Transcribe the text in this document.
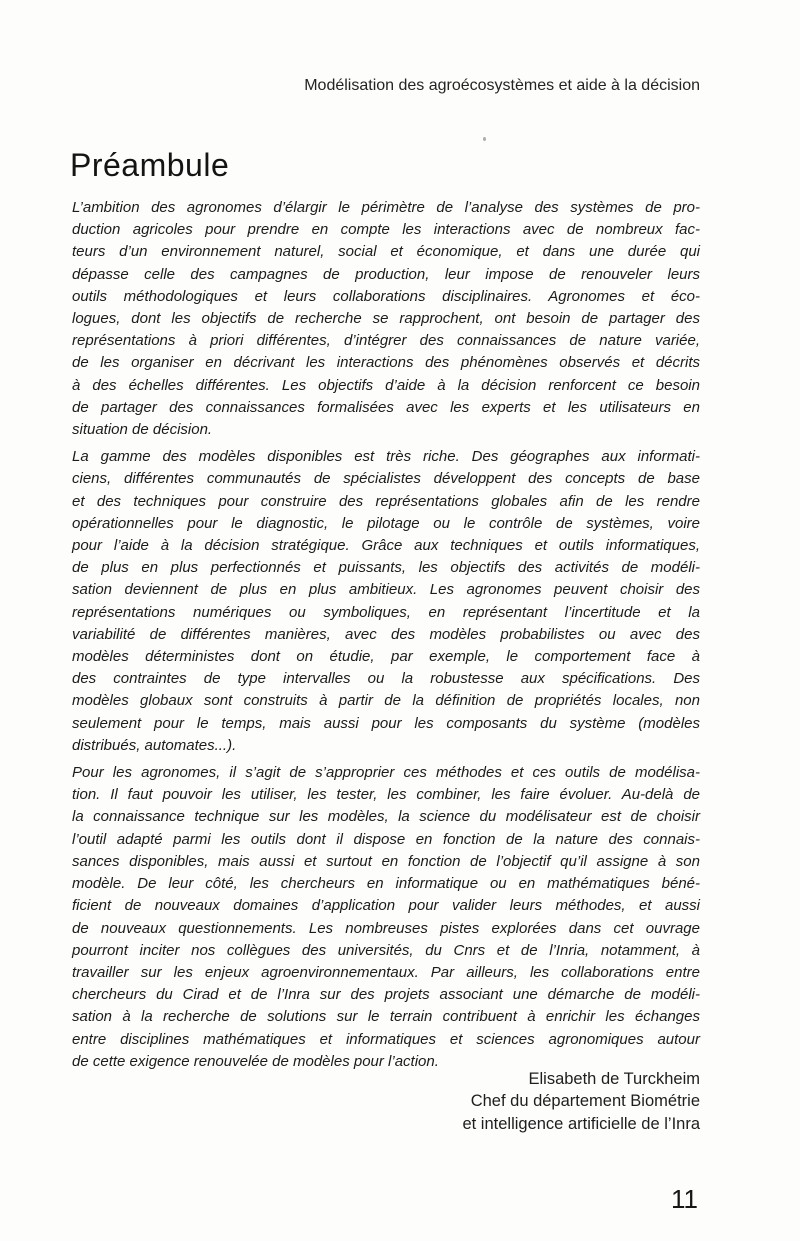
Modélisation des agroécosystèmes et aide à la décision
Préambule
L’ambition des agronomes d’élargir le périmètre de l’analyse des systèmes de pro-
duction agricoles pour prendre en compte les interactions avec de nombreux fac-
teurs d’un environnement naturel, social et économique, et dans une durée qui
dépasse celle des campagnes de production, leur impose de renouveler leurs
outils méthodologiques et leurs collaborations disciplinaires. Agronomes et éco-
logues, dont les objectifs de recherche se rapprochent, ont besoin de partager des
représentations à priori différentes, d’intégrer des connaissances de nature variée,
de les organiser en décrivant les interactions des phénomènes observés et décrits
à des échelles différentes. Les objectifs d’aide à la décision renforcent ce besoin
de partager des connaissances formalisées avec les experts et les utilisateurs en
situation de décision.
La gamme des modèles disponibles est très riche. Des géographes aux informati-
ciens, différentes communautés de spécialistes développent des concepts de base
et des techniques pour construire des représentations globales afin de les rendre
opérationnelles pour le diagnostic, le pilotage ou le contrôle de systèmes, voire
pour l’aide à la décision stratégique. Grâce aux techniques et outils informatiques,
de plus en plus perfectionnés et puissants, les objectifs des activités de modéli-
sation deviennent de plus en plus ambitieux. Les agronomes peuvent choisir des
représentations numériques ou symboliques, en représentant l’incertitude et la
variabilité de différentes manières, avec des modèles probabilistes ou avec des
modèles déterministes dont on étudie, par exemple, le comportement face à
des contraintes de type intervalles ou la robustesse aux spécifications. Des
modèles globaux sont construits à partir de la définition de propriétés locales, non
seulement pour le temps, mais aussi pour les composants du système (modèles
distribués, automates...).
Pour les agronomes, il s’agit de s’approprier ces méthodes et ces outils de modélisa-
tion. Il faut pouvoir les utiliser, les tester, les combiner, les faire évoluer. Au-delà de
la connaissance technique sur les modèles, la science du modélisateur est de choisir
l’outil adapté parmi les outils dont il dispose en fonction de la nature des connais-
sances disponibles, mais aussi et surtout en fonction de l’objectif qu’il assigne à son
modèle. De leur côté, les chercheurs en informatique ou en mathématiques béné-
ficient de nouveaux domaines d’application pour valider leurs méthodes, et aussi
de nouveaux questionnements. Les nombreuses pistes explorées dans cet ouvrage
pourront inciter nos collègues des universités, du Cnrs et de l’Inria, notamment, à
travailler sur les enjeux agroenvironnementaux. Par ailleurs, les collaborations entre
chercheurs du Cirad et de l’Inra sur des projets associant une démarche de modéli-
sation à la recherche de solutions sur le terrain contribuent à enrichir les échanges
entre disciplines mathématiques et informatiques et sciences agronomiques autour
de cette exigence renouvelée de modèles pour l’action.
Elisabeth de Turckheim
Chef du département Biométrie
et intelligence artificielle de l’Inra
11
